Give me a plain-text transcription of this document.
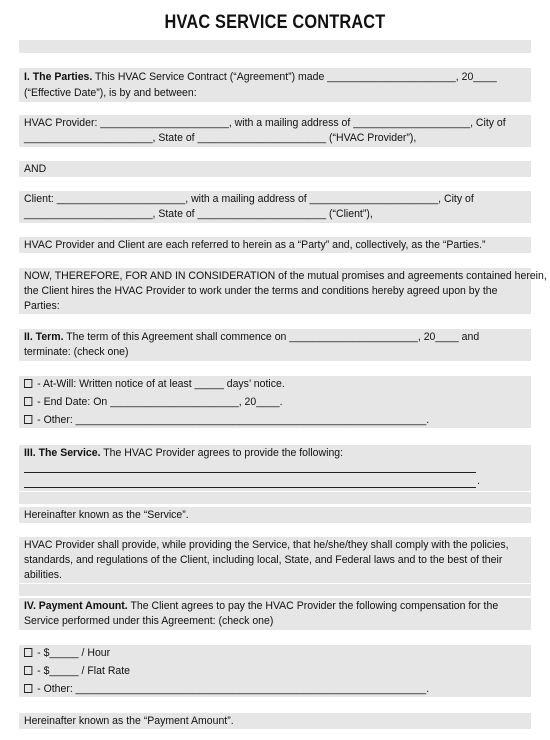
HVAC SERVICE CONTRACT
I. The Parties. This HVAC Service Contract (“Agreement”) made ______________________, 20____
(“Effective Date”), is by and between:
HVAC Provider: ______________________, with a mailing address of ____________________, City of
______________________, State of ______________________ (“HVAC Provider”),
AND
Client: ______________________, with a mailing address of ______________________, City of
______________________, State of ______________________ (“Client”),
HVAC Provider and Client are each referred to herein as a “Party” and, collectively, as the “Parties.”
NOW, THEREFORE, FOR AND IN CONSIDERATION of the mutual promises and agreements contained herein,
the Client hires the HVAC Provider to work under the terms and conditions hereby agreed upon by the
Parties:
II. Term. The term of this Agreement shall commence on ______________________, 20____ and
terminate: (check one)
- At-Will: Written notice of at least _____ days’ notice.
- End Date: On ______________________, 20____.
- Other: ____________________________________________________________.
III. The Service. The HVAC Provider agrees to provide the following:
.
Hereinafter known as the “Service”.
HVAC Provider shall provide, while providing the Service, that he/she/they shall comply with the policies,
standards, and regulations of the Client, including local, State, and Federal laws and to the best of their
abilities.
IV. Payment Amount. The Client agrees to pay the HVAC Provider the following compensation for the
Service performed under this Agreement: (check one)
- $_____ / Hour
- $_____ / Flat Rate
- Other: ____________________________________________________________.
Hereinafter known as the “Payment Amount”.
